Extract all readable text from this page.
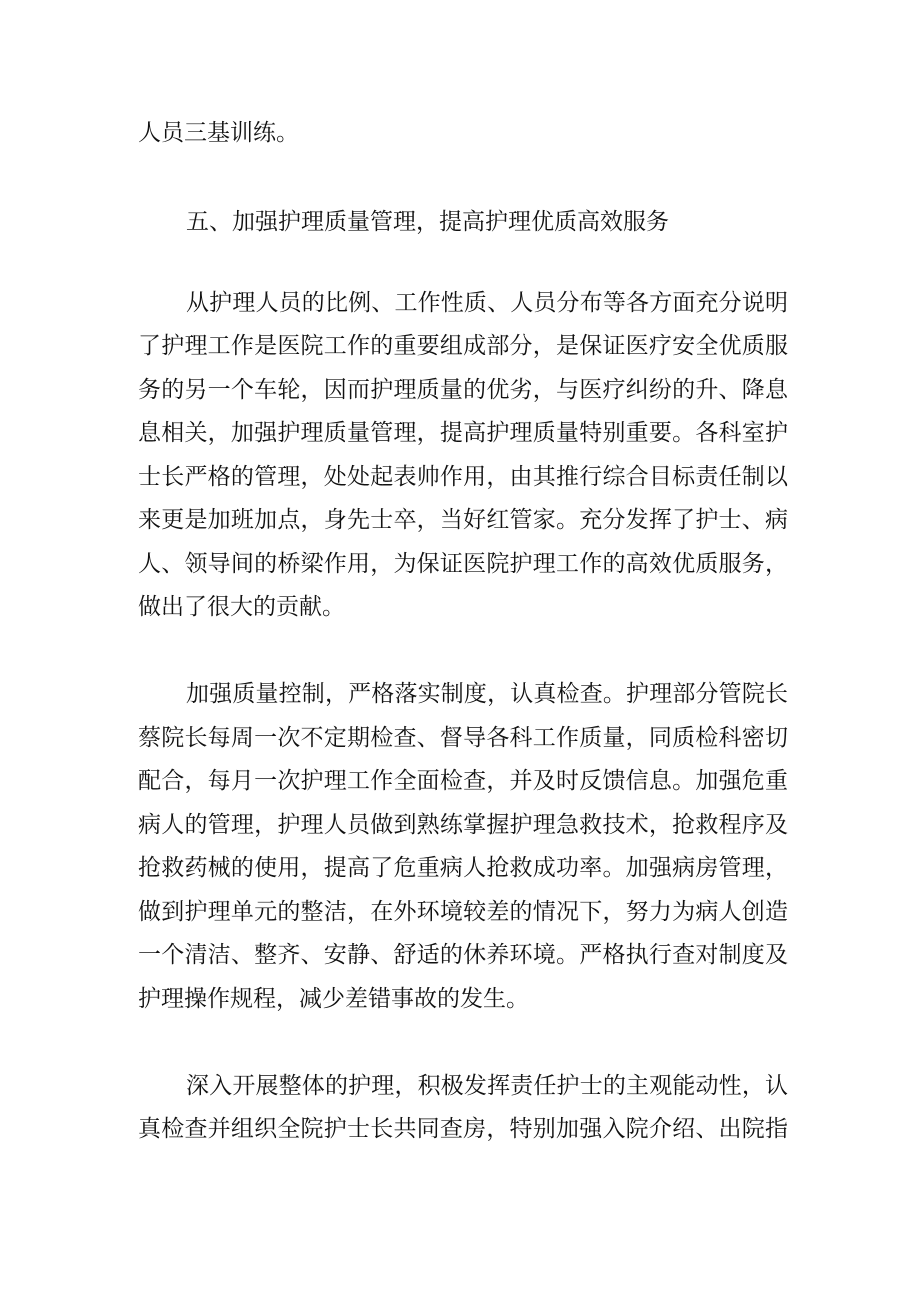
人员三基训练。

五、加强护理质量管理，提高护理优质高效服务

从护理人员的比例、工作性质、人员分布等各方面充分说明

了护理工作是医院工作的重要组成部分，是保证医疗安全优质服

务的另一个车轮，因而护理质量的优劣，与医疗纠纷的升、降息

息相关，加强护理质量管理，提高护理质量特别重要。各科室护

士长严格的管理，处处起表帅作用，由其推行综合目标责任制以

来更是加班加点，身先士卒，当好红管家。充分发挥了护士、病

人、领导间的桥梁作用，为保证医院护理工作的高效优质服务，

做出了很大的贡献。

加强质量控制，严格落实制度，认真检查。护理部分管院长

蔡院长每周一次不定期检查、督导各科工作质量，同质检科密切

配合，每月一次护理工作全面检查，并及时反馈信息。加强危重

病人的管理，护理人员做到熟练掌握护理急救技术，抢救程序及

抢救药械的使用，提高了危重病人抢救成功率。加强病房管理，

做到护理单元的整洁，在外环境较差的情况下，努力为病人创造

一个清洁、整齐、安静、舒适的休养环境。严格执行查对制度及

护理操作规程，减少差错事故的发生。

深入开展整体的护理，积极发挥责任护士的主观能动性，认

真检查并组织全院护士长共同查房，特别加强入院介绍、出院指
